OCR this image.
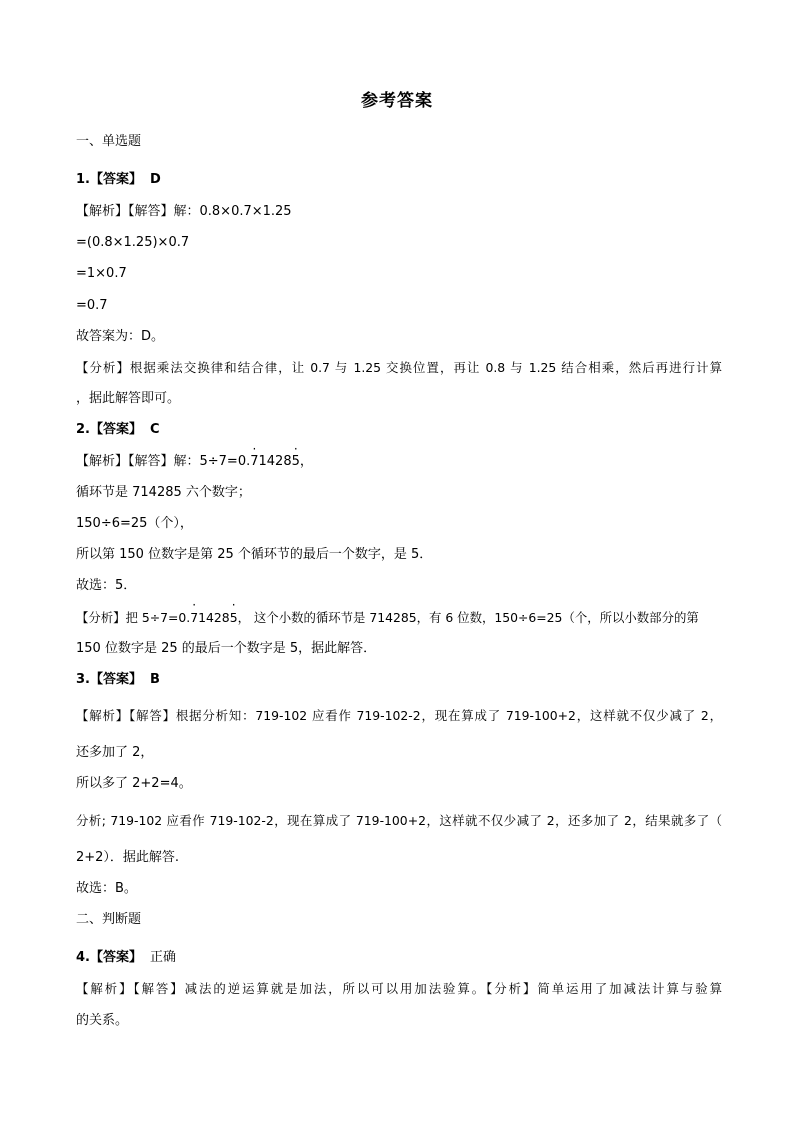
参考答案
一、单选题
1.【答案】 D
【解析】【解答】解：0.8×0.7×1.25
=(0.8×1.25)×0.7
=1×0.7
=0.7
故答案为：D。
【分析】根据乘法交换律和结合律，让 0.7 与 1.25 交换位置，再让 0.8 与 1.25 结合相乘，然后再进行计算
，据此解答即可。
2.【答案】 C
【解析】【解答】解：5÷7=0.· 71428· 5，
循环节是 714285 六个数字；
150÷6=25（个），
所以第 150 位数字是第 25 个循环节的最后一个数字，是 5．
故选：5．
【分析】把 5÷7=0.· 71428· 5， 这个小数的循环节是 714285，有 6 位数，150÷6=25（个，所以小数部分的第
150 位数字是 25 的最后一个数字是 5，据此解答．
3.【答案】 B
【解析】【解答】根据分析知：719-102 应看作 719-102-2，现在算成了 719-100+2，这样就不仅少减了 2，
还多加了 2，
所以多了 2+2=4。
分析; 719-102 应看作 719-102-2，现在算成了 719-100+2，这样就不仅少减了 2，还多加了 2，结果就多了（
2+2）．据此解答.
故选：B。
二、判断题
4.【答案】 正确
【解析】【解答】减法的逆运算就是加法，所以可以用加法验算。【分析】简单运用了加减法计算与验算
的关系。
